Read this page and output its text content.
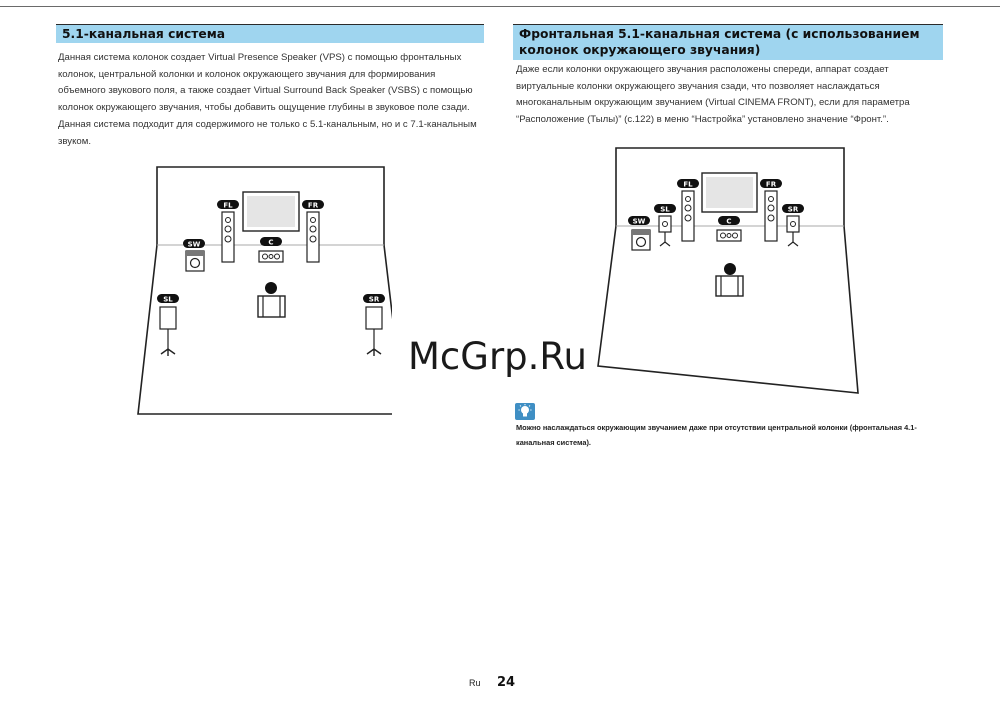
5.1-канальная система

Данная система колонок создает Virtual Presence Speaker (VPS) с помощью фронтальных колонок, центральной колонки и колонок окружающего звучания для формирования объемного звукового поля, а также создает Virtual Surround Back Speaker (VSBS) с помощью колонок окружающего звучания, чтобы добавить ощущение глубины в звуковое поле сзади. Данная система подходит для содержимого не только с 5.1-канальным, но и с 7.1-канальным звуком.

FL	FR
C
SW
SL	SR
Фронтальная 5.1-канальная система (с использованием колонок окружающего звучания)

Даже если колонки окружающего звучания расположены спереди, аппарат создает виртуальные колонки окружающего звучания сзади, что позволяет наслаждаться многоканальным окружающим звучанием (Virtual CINEMA FRONT), если для параметра “Расположение (Тылы)” (с.122) в меню “Настройка” установлено значение “Фронт.”.

FL	FR
SL	SR
C
SW

Можно наслаждаться окружающим звучанием даже при отсутствии центральной колонки (фронтальная 4.1-канальная система).

McGrp.Ru
Ru 24
